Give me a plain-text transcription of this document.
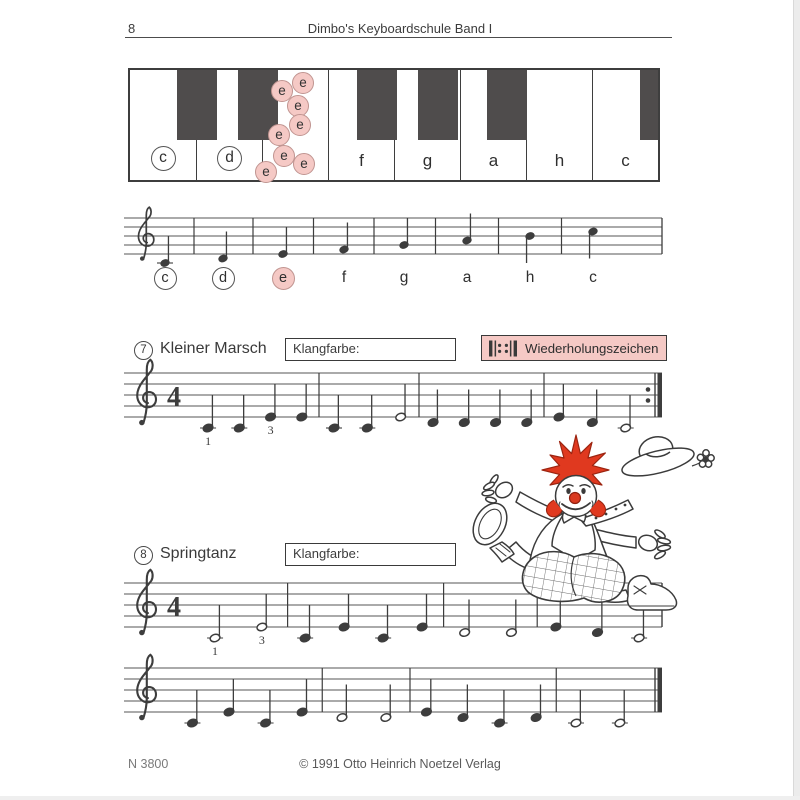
8	Dimbo's Keyboardschule Band I
c	d	f	g	a	h	c
e
e
e
e
e
e
e
e
7 Kleiner Marsch	Klangfarbe:	Wiederholungszeichen
8 Springtanz	Klangfarbe:
c	d	e	f	g	a	h	c
4
1
3
4
1
3
N 3800	© 1991 Otto Heinrich Noetzel Verlag
